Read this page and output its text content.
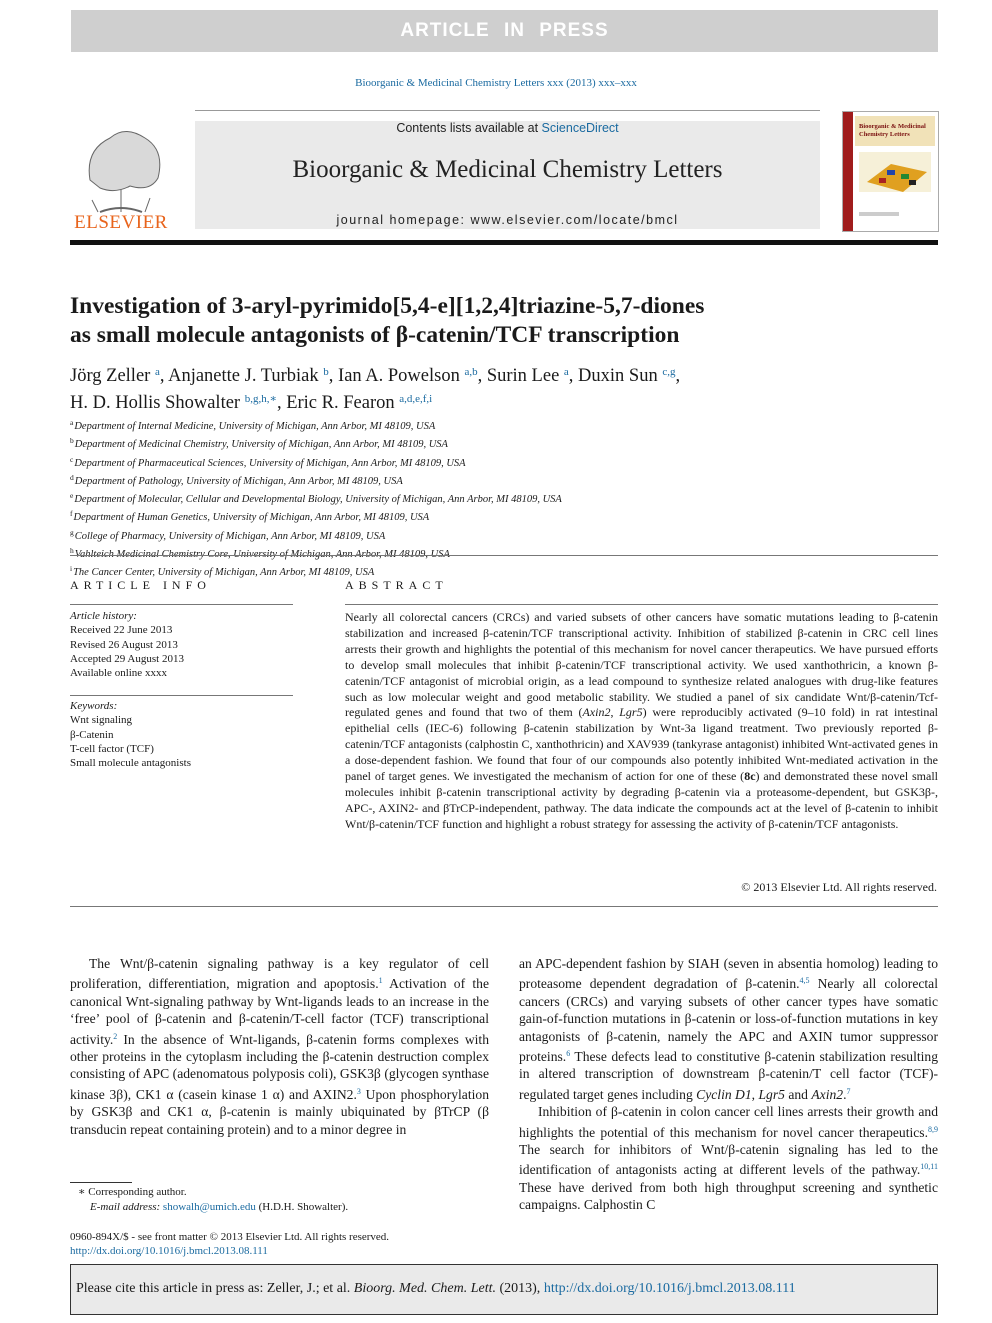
ARTICLE IN PRESS
Bioorganic & Medicinal Chemistry Letters xxx (2013) xxx–xxx
ELSEVIER
Contents lists available at ScienceDirect
Bioorganic & Medicinal Chemistry Letters
journal homepage: www.elsevier.com/locate/bmcl
Bioorganic & Medicinal
Chemistry Letters
Investigation of 3-aryl-pyrimido[5,4-e][1,2,4]triazine-5,7-diones
as small molecule antagonists of β-catenin/TCF transcription
Jörg Zeller $^a$, Anjanette J. Turbiak $^b$, Ian A. Powelson $^{a,b}$, Surin Lee $^a$, Duxin Sun $^{c,g}$,
H. D. Hollis Showalter $^{b,g,h,∗}$, Eric R. Fearon $^{a,d,e,f,i}$
$^a$Department of Internal Medicine, University of Michigan, Ann Arbor, MI 48109, USA
$^b$Department of Medicinal Chemistry, University of Michigan, Ann Arbor, MI 48109, USA
$^c$Department of Pharmaceutical Sciences, University of Michigan, Ann Arbor, MI 48109, USA
$^d$Department of Pathology, University of Michigan, Ann Arbor, MI 48109, USA
$^e$Department of Molecular, Cellular and Developmental Biology, University of Michigan, Ann Arbor, MI 48109, USA
$^f$Department of Human Genetics, University of Michigan, Ann Arbor, MI 48109, USA
$^g$College of Pharmacy, University of Michigan, Ann Arbor, MI 48109, USA
$^h$
$^i$The Cancer Center, University of Michigan, Ann Arbor, MI 48109, USA
ARTICLE INFO	ABSTRACT
Article history:
Received 22 June 2013
Revised 26 August 2013
Accepted 29 August 2013
Available online xxxx
Keywords:
Wnt signaling
β-Catenin
T-cell factor (TCF)
Small molecule antagonists
Nearly all colorectal cancers (CRCs) and varied subsets of other cancers have somatic mutations leading to β-catenin stabilization and increased β-catenin/TCF transcriptional activity. Inhibition of stabilized β-catenin in CRC cell lines arrests their growth and highlights the potential of this mechanism for novel cancer therapeutics. We have pursued efforts to develop small molecules that inhibit β-catenin/TCF transcriptional activity. We used xanthothricin, a known β-catenin/TCF antagonist of microbial origin, as a lead compound to synthesize related analogues with drug-like features such as low molecular weight and good metabolic stability. We studied a panel of six candidate Wnt/β-catenin/Tcf-regulated genes and found that two of them (Axin2, Lgr5) were reproducibly activated (9–10 fold) in rat intestinal epithelial cells (IEC-6) following β-catenin stabilization by Wnt-3a ligand treatment. Two previously reported β-catenin/TCF antagonists (calphostin C, xanthothricin) and XAV939 (tankyrase antagonist) inhibited Wnt-activated genes in a dose-dependent fashion. We found that four of our compounds also potently inhibited Wnt-mediated activation in the panel of target genes. We investigated the mechanism of action for one of these (8c) and demonstrated these novel small molecules inhibit β-catenin transcriptional activity by degrading β-catenin via a proteasome-dependent, but GSK3β-, APC-, AXIN2- and βTrCP-independent, pathway. The data indicate the compounds act at the level of β-catenin to inhibit Wnt/β-catenin/TCF function and highlight a robust strategy for assessing the activity of β-catenin/TCF antagonists.
© 2013 Elsevier Ltd. All rights reserved.
The Wnt/β-catenin signaling pathway is a key regulator of cell proliferation, differentiation, migration and apoptosis.$^1$ Activation of the canonical Wnt-signaling pathway by Wnt-ligands leads to an increase in the ‘free’ pool of β-catenin and β-catenin/T-cell factor (TCF) transcriptional activity.$^2$ In the absence of Wnt-ligands, β-catenin forms complexes with other proteins in the cytoplasm including the β-catenin destruction complex consisting of APC (adenomatous polyposis coli), GSK3β (glycogen synthase kinase 3β), CK1 α (casein kinase 1 α) and AXIN2.$^3$ Upon phosphorylation by GSK3β and CK1 α, β-catenin is mainly ubiquinated by βTrCP (β transducin repeat containing protein) and to a minor degree in
an APC-dependent fashion by SIAH (seven in absentia homolog) leading to proteasome dependent degradation of β-catenin.$^{4,5}$ Nearly all colorectal cancers (CRCs) and varying subsets of other cancer types have somatic gain-of-function mutations in β-catenin or loss-of-function mutations in key antagonists of β-catenin, namely the APC and AXIN tumor suppressor proteins.$^6$ These defects lead to constitutive β-catenin stabilization resulting in altered transcription of downstream β-catenin/T cell factor (TCF)-regulated target genes including Cyclin D1, Lgr5 and Axin2.$^7$
Inhibition of β-catenin in colon cancer cell lines arrests their growth and highlights the potential of this mechanism for novel cancer therapeutics.$^{8,9}$ The search for inhibitors of Wnt/β-catenin signaling has led to the identification of antagonists acting at different levels of the pathway.$^{10,11}$ These have derived from both high throughput screening and synthetic campaigns. Calphostin C
∗ Corresponding author.
E-mail address: showalh@umich.edu (H.D.H. Showalter).
0960-894X/$ - see front matter © 2013 Elsevier Ltd. All rights reserved.
http://dx.doi.org/10.1016/j.bmcl.2013.08.111
Please cite this article in press as: Zeller, J.; et al. Bioorg. Med. Chem. Lett. (2013), http://dx.doi.org/10.1016/j.bmcl.2013.08.111
